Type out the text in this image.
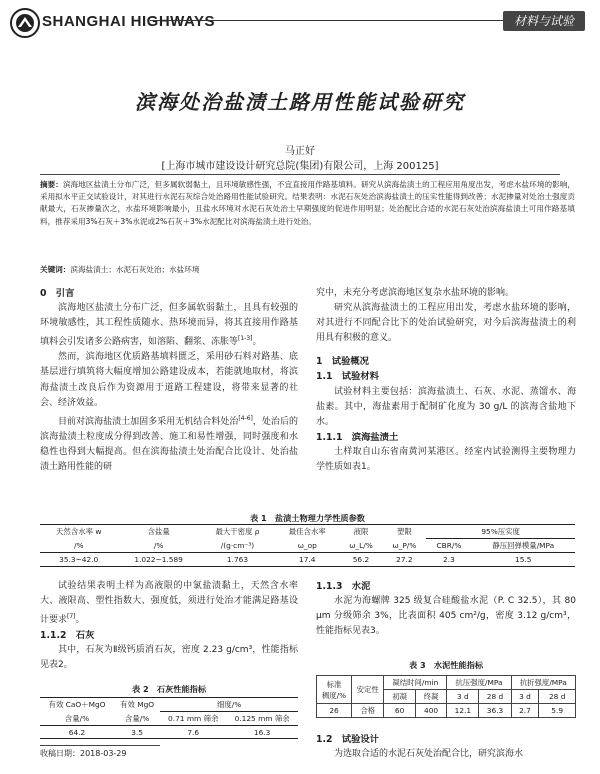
SHANGHAI HIGHWAYS	材料与试验
滨海处治盐渍土路用性能试验研究
马正好
[上海市城市建设设计研究总院(集团)有限公司，上海 200125]
摘要：滨海地区盐渍土分布广泛，但多属软弱黏土，且环境敏感性强，不宜直接用作路基填料。研究从滨海盐渍土的工程应用角度出发，考虑水盐环境的影响，采用拟水平正交试验设计，对其进行水泥石灰综合处治路用性能试验研究。结果表明：水泥石灰处治滨海盐渍土的压实性能得到改善；水泥掺量对处治土强度贡献最大，石灰掺量次之，水盐环境影响最小，且盐水环境对水泥石灰处治土早期强度的促进作用明显；处治配比合适的水泥石灰处治滨海盐渍土可用作路基填料，推荐采用3%石灰＋3%水泥或2%石灰＋3%水泥配比对滨海盐渍土进行处治。
关键词：滨海盐渍土；水泥石灰处治；水盐环境

0　引言

滨海地区盐渍土分布广泛，但多属软弱黏土，且具有较强的环境敏感性，其工程性质随水、热环境而异，将其直接用作路基填料会引发诸多公路病害，如溶陷、翻浆、冻胀等[1-3]。

然而，滨海地区优质路基填料匮乏，采用砂石料对路基、底基层进行填筑将大幅度增加公路建设成本，若能就地取材，将滨海盐渍土改良后作为资源用于道路工程建设，将带来显著的社会、经济效益。

目前对滨海盐渍土加固多采用无机结合料处治[4-6]，处治后的滨海盐渍土粒度成分得到改善、施工和易性增强，同时强度和水稳性也得到大幅提高。但在滨海盐渍土处治配合比设计、处治盐渍土路用性能的研

究中，未充分考虑滨海地区复杂水盐环境的影响。

研究从滨海盐渍土的工程应用出发，考虑水盐环境的影响，对其进行不同配合比下的处治试验研究，对今后滨海盐渍土的利用具有积极的意义。

1　试验概况

1.1　试验材料

试验材料主要包括：滨海盐渍土、石灰、水泥、蒸馏水、海盐素。其中，海盐素用于配制矿化度为 30 g/L 的滨海含盐地下水。

1.1.1　滨海盐渍土

土样取自山东省南黄河某港区。经室内试验测得主要物理力学性质如表1。

表 1　盐渍土物理力学性质参数
天然含水率 w	含盐量	最大干密度 ρ	最佳含水率	液限	塑限	95%压实度	
/%	/%	/(g·cm⁻³)	ω_op	ω_L/%	ω_P/%	CBR/%	静压回弹模量/MPa
35.3~42.0	1.022~1.589	1.763	17.4	56.2	27.2	2.3	15.5

试验结果表明土样为高液限的中氯盐渍黏土，天然含水率大、液限高、塑性指数大、强度低，须进行处治才能满足路基设计要求[7]。

1.1.2　石灰

其中，石灰为Ⅱ级钙质消石灰，密度 2.23 g/cm³，性能指标见表2。

表 2　石灰性能指标
有效 CaO＋MgO	有效 MgO	细度/%	
含量/%	含量/%	0.71 mm 筛余	0.125 mm 筛余
64.2	3.5	7.6	16.3

1.1.3　水泥

水泥为海螺牌 325 级复合硅酸盐水泥（P. C 32.5），其 80 μm 分级筛余 3%，比表面积 405 cm²/g，密度 3.12 g/cm³，性能指标见表3。

表 3　水泥性能指标
标准
稠度/%	安定性	凝结时间/min		抗压强度/MPa		抗折强度/MPa	
		初凝	终凝	3 d	28 d	3 d	28 d
26	合格	60	400	12.1	36.3	2.7	5.9
收稿日期：2018-03-29

1.2　试验设计

为选取合适的水泥石灰处治配合比，研究滨海水
